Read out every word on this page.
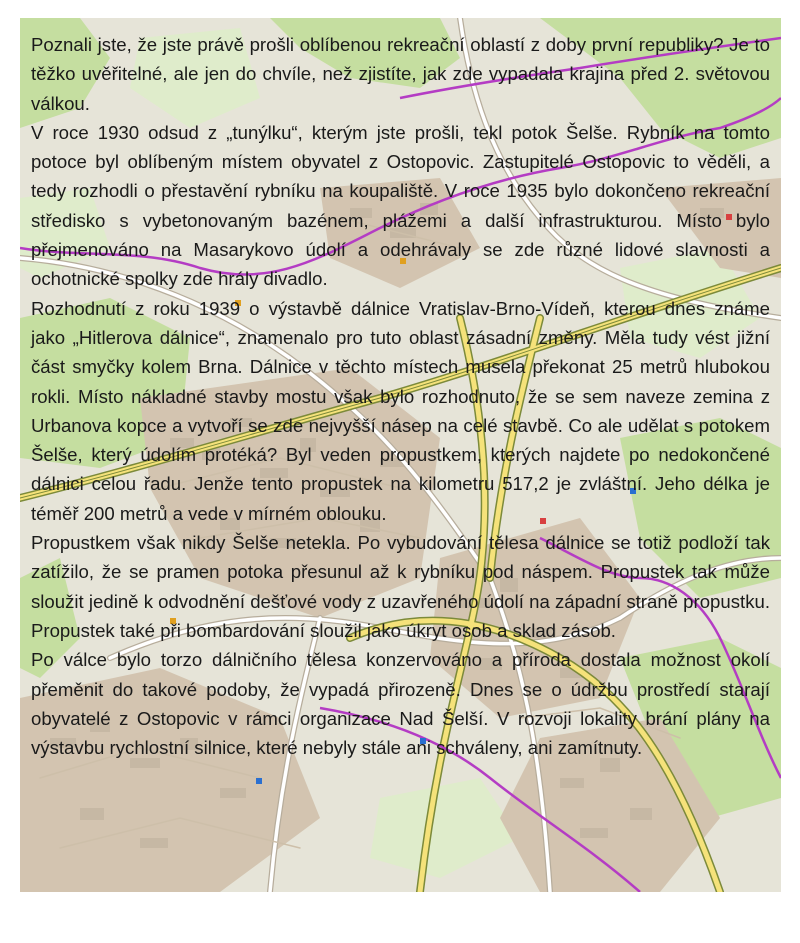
Poznali jste, že jste právě prošli oblíbenou rekreační oblastí z doby první republiky? Je to těžko uvěřitelné, ale jen do chvíle, než zjistíte, jak zde vypadala krajina před 2. světovou válkou.

V roce 1930 odsud z „tunýlku“, kterým jste prošli, tekl potok Šelše. Rybník na tomto potoce byl oblíbeným místem obyvatel z Ostopovic. Zastupitelé Ostopovic to věděli, a tedy rozhodli o přestavění rybníku na koupaliště. V roce 1935 bylo dokončeno rekreační středisko s vybetonovaným bazénem, plážemi a další infrastrukturou. Místo bylo přejmenováno na Masarykovo údolí a odehrávaly se zde různé lidové slavnosti a ochotnické spolky zde hrály divadlo.

Rozhodnutí z roku 1939 o výstavbě dálnice Vratislav-Brno-Vídeň, kterou dnes známe jako „Hitlerova dálnice“, znamenalo pro tuto oblast zásadní změny. Měla tudy vést jižní část smyčky kolem Brna. Dálnice v těchto místech musela překonat 25 metrů hlubokou rokli. Místo nákladné stavby mostu však bylo rozhodnuto, že se sem naveze zemina z Urbanova kopce a vytvoří se zde nejvyšší násep na celé stavbě. Co ale udělat s potokem Šelše, který údolím protéká? Byl veden propustkem, kterých najdete po nedokončené dálnici celou řadu. Jenže tento propustek na kilometru 517,2 je zvláštní. Jeho délka je téměř 200 metrů a vede v mírném oblouku.

Propustkem však nikdy Šelše netekla. Po vybudování tělesa dálnice se totiž podloží tak zatížilo, že se pramen potoka přesunul až k rybníku pod náspem. Propustek tak může sloužit jedině k odvodnění dešťové vody z uzavřeného údolí na západní straně propustku. Propustek také při bombardování sloužil jako úkryt osob a sklad zásob.

Po válce bylo torzo dálničního tělesa konzervováno a příroda dostala možnost okolí přeměnit do takové podoby, že vypadá přirozeně. Dnes se o údržbu prostředí starají obyvatelé z Ostopovic v rámci organizace Nad Šelší. V rozvoji lokality brání plány na výstavbu rychlostní silnice, které nebyly stále ani schváleny, ani zamítnuty.
